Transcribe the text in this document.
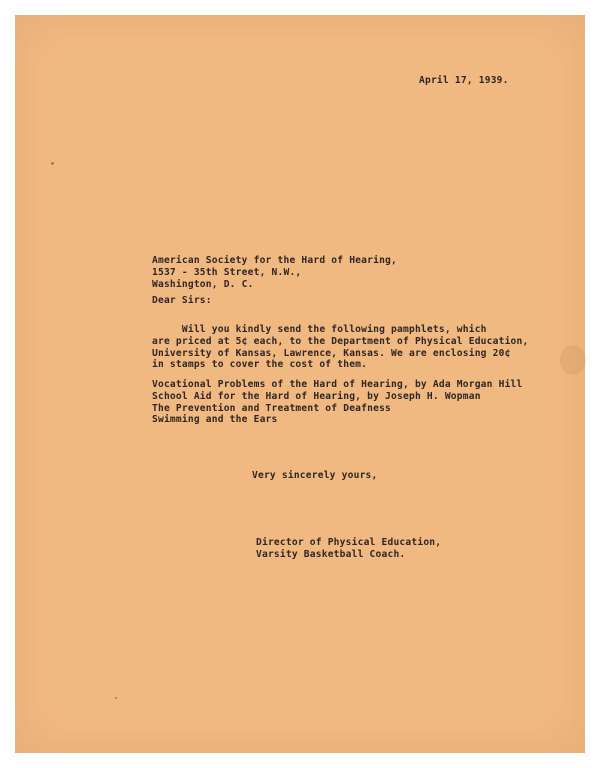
April 17, 1939.
American Society for the Hard of Hearing,
1537 - 35th Street, N.W.,
Washington, D. C.
Dear Sirs:
Will you kindly send the following pamphlets, which
are priced at 5¢ each, to the Department of Physical Education,
University of Kansas, Lawrence, Kansas. We are enclosing 20¢
in stamps to cover the cost of them.
Vocational Problems of the Hard of Hearing, by Ada Morgan Hill
School Aid for the Hard of Hearing, by Joseph H. Wopman
The Prevention and Treatment of Deafness
Swimming and the Ears
Very sincerely yours,
Director of Physical Education,
Varsity Basketball Coach.
